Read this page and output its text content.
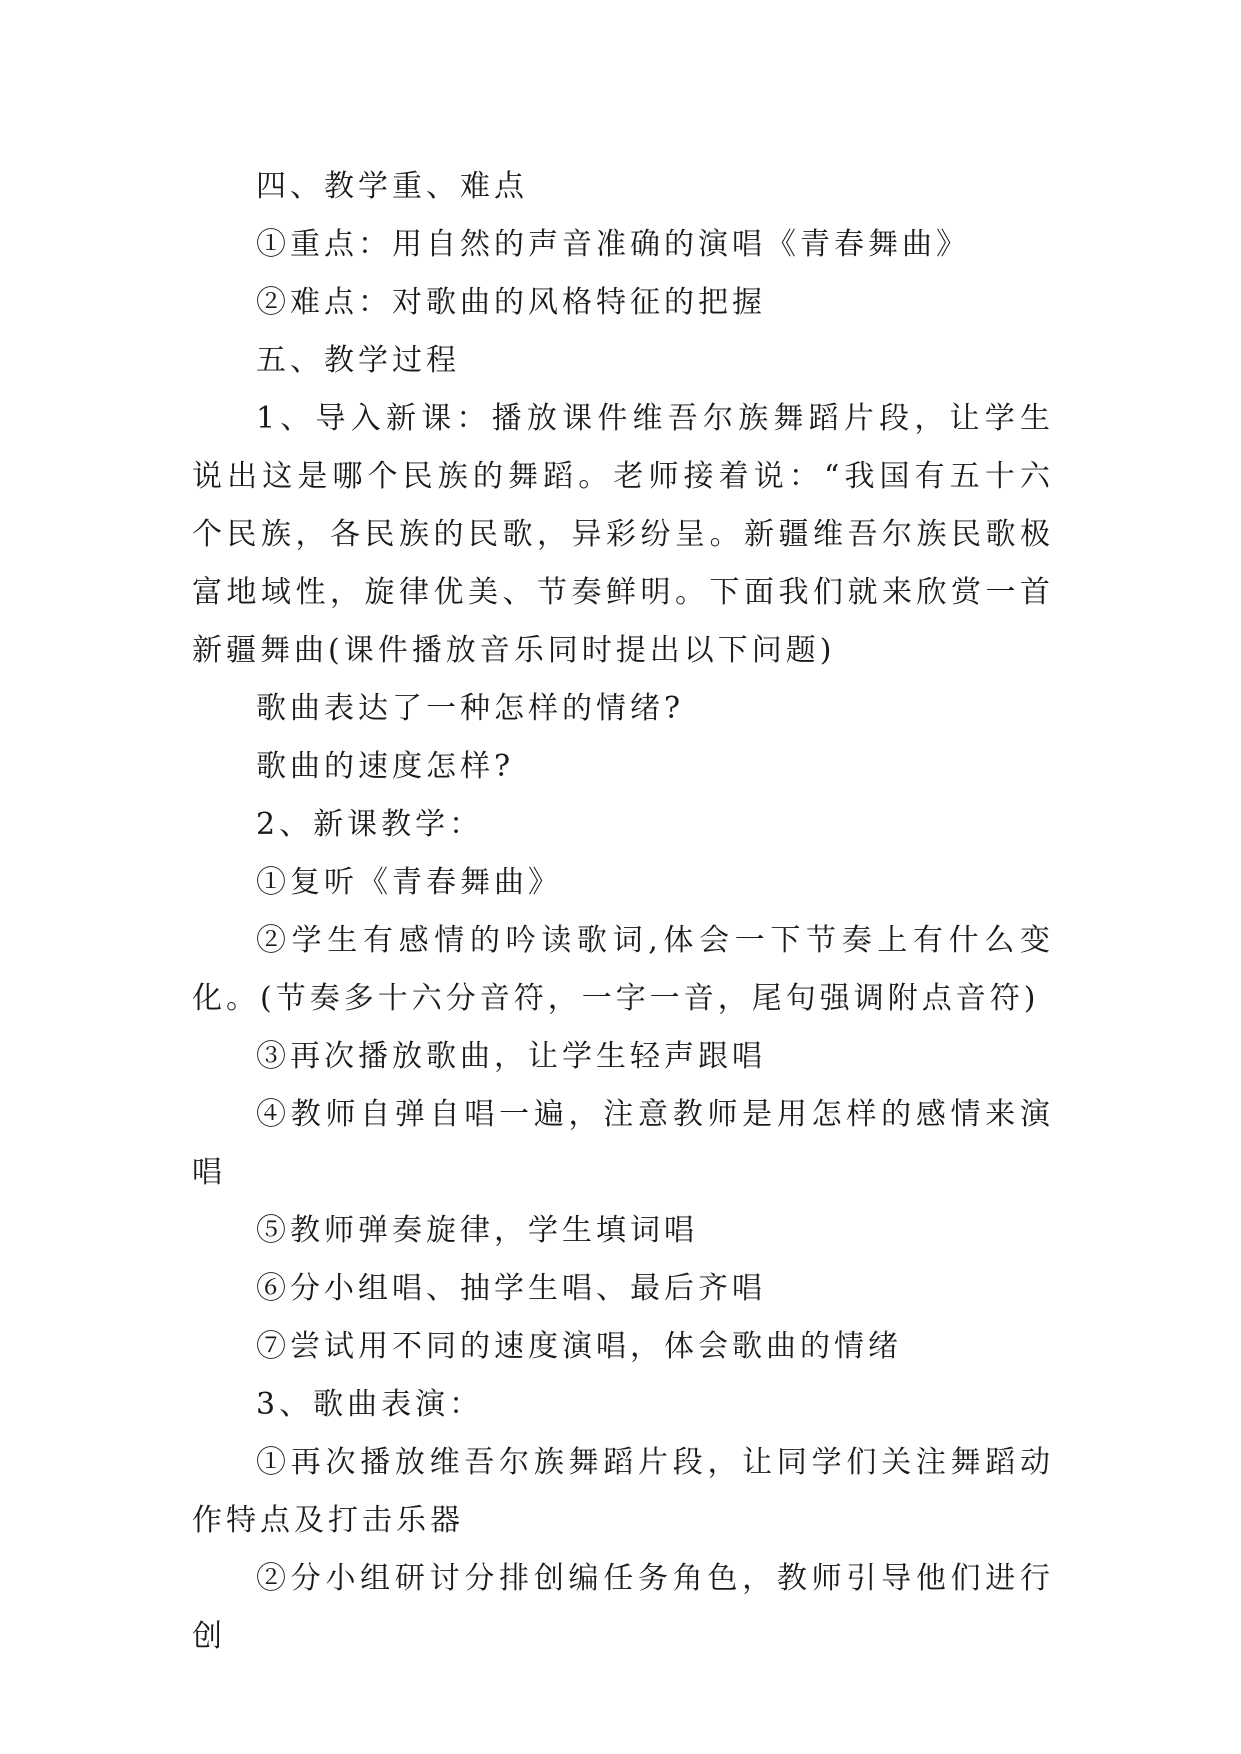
四、教学重、难点

①重点：用自然的声音准确的演唱《青春舞曲》

②难点：对歌曲的风格特征的把握

五、教学过程

1、导入新课：播放课件维吾尔族舞蹈片段，让学生说出这是哪个民族的舞蹈。老师接着说：“我国有五十六个民族，各民族的民歌，异彩纷呈。新疆维吾尔族民歌极富地域性，旋律优美、节奏鲜明。下面我们就来欣赏一首新疆舞曲(课件播放音乐同时提出以下问题)

歌曲表达了一种怎样的情绪?

歌曲的速度怎样?

2、新课教学：

①复听《青春舞曲》

②学生有感情的吟读歌词,体会一下节奏上有什么变化。(节奏多十六分音符，一字一音，尾句强调附点音符)

③再次播放歌曲，让学生轻声跟唱

④教师自弹自唱一遍，注意教师是用怎样的感情来演唱

⑤教师弹奏旋律，学生填词唱

⑥分小组唱、抽学生唱、最后齐唱

⑦尝试用不同的速度演唱，体会歌曲的情绪

3、歌曲表演：

①再次播放维吾尔族舞蹈片段，让同学们关注舞蹈动作特点及打击乐器

②分小组研讨分排创编任务角色，教师引导他们进行创
